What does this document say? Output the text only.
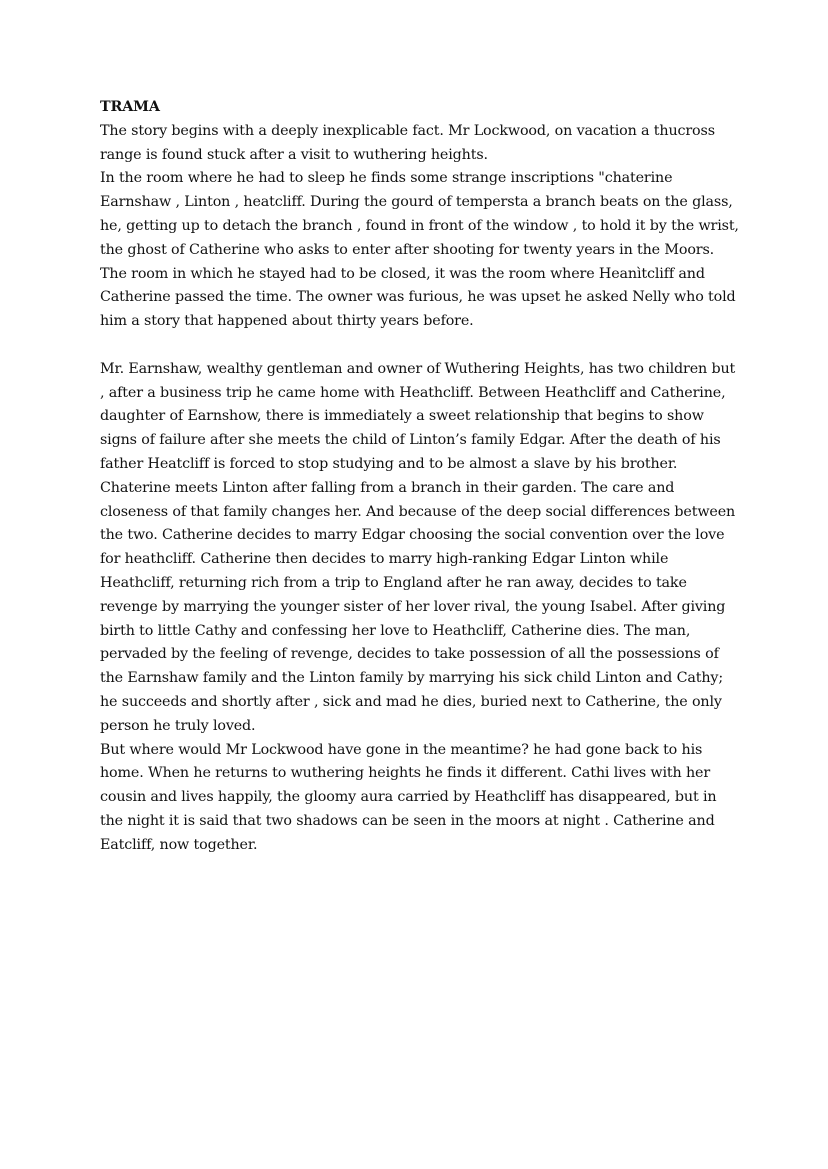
TRAMA

The story begins with a deeply inexplicable fact. Mr Lockwood, on vacation a thucross range is found stuck after a visit to wuthering heights.

In the room where he had to sleep he finds some strange inscriptions "chaterine Earnshaw , Linton , heatcliff. During the gourd of tempersta a branch beats on the glass, he, getting up to detach the branch , found in front of the window , to hold it by the wrist, the ghost of Catherine who asks to enter after shooting for twenty years in the Moors. The room in which he stayed had to be closed, it was the room where Heanìtcliff and Catherine passed the time. The owner was furious, he was upset he asked Nelly who told him a story that happened about thirty years before.

Mr. Earnshaw, wealthy gentleman and owner of Wuthering Heights, has two children but , after a business trip he came home with Heathcliff. Between Heathcliff and Catherine, daughter of Earnshow, there is immediately a sweet relationship that begins to show signs of failure after she meets the child of Linton’s family Edgar. After the death of his father Heatcliff is forced to stop studying and to be almost a slave by his brother. Chaterine meets Linton after falling from a branch in their garden. The care and closeness of that family changes her. And because of the deep social differences between the two. Catherine decides to marry Edgar choosing the social convention over the love for heathcliff. Catherine then decides to marry high-ranking Edgar Linton while Heathcliff, returning rich from a trip to England after he ran away, decides to take revenge by marrying the younger sister of her lover rival, the young Isabel. After giving birth to little Cathy and confessing her love to Heathcliff, Catherine dies. The man, pervaded by the feeling of revenge, decides to take possession of all the possessions of the Earnshaw family and the Linton family by marrying his sick child Linton and Cathy; he succeeds and shortly after , sick and mad he dies, buried next to Catherine, the only person he truly loved.

But where would Mr Lockwood have gone in the meantime? he had gone back to his home. When he returns to wuthering heights he finds it different. Cathi lives with her cousin and lives happily, the gloomy aura carried by Heathcliff has disappeared, but in the night it is said that two shadows can be seen in the moors at night . Catherine and Eatcliff, now together.
